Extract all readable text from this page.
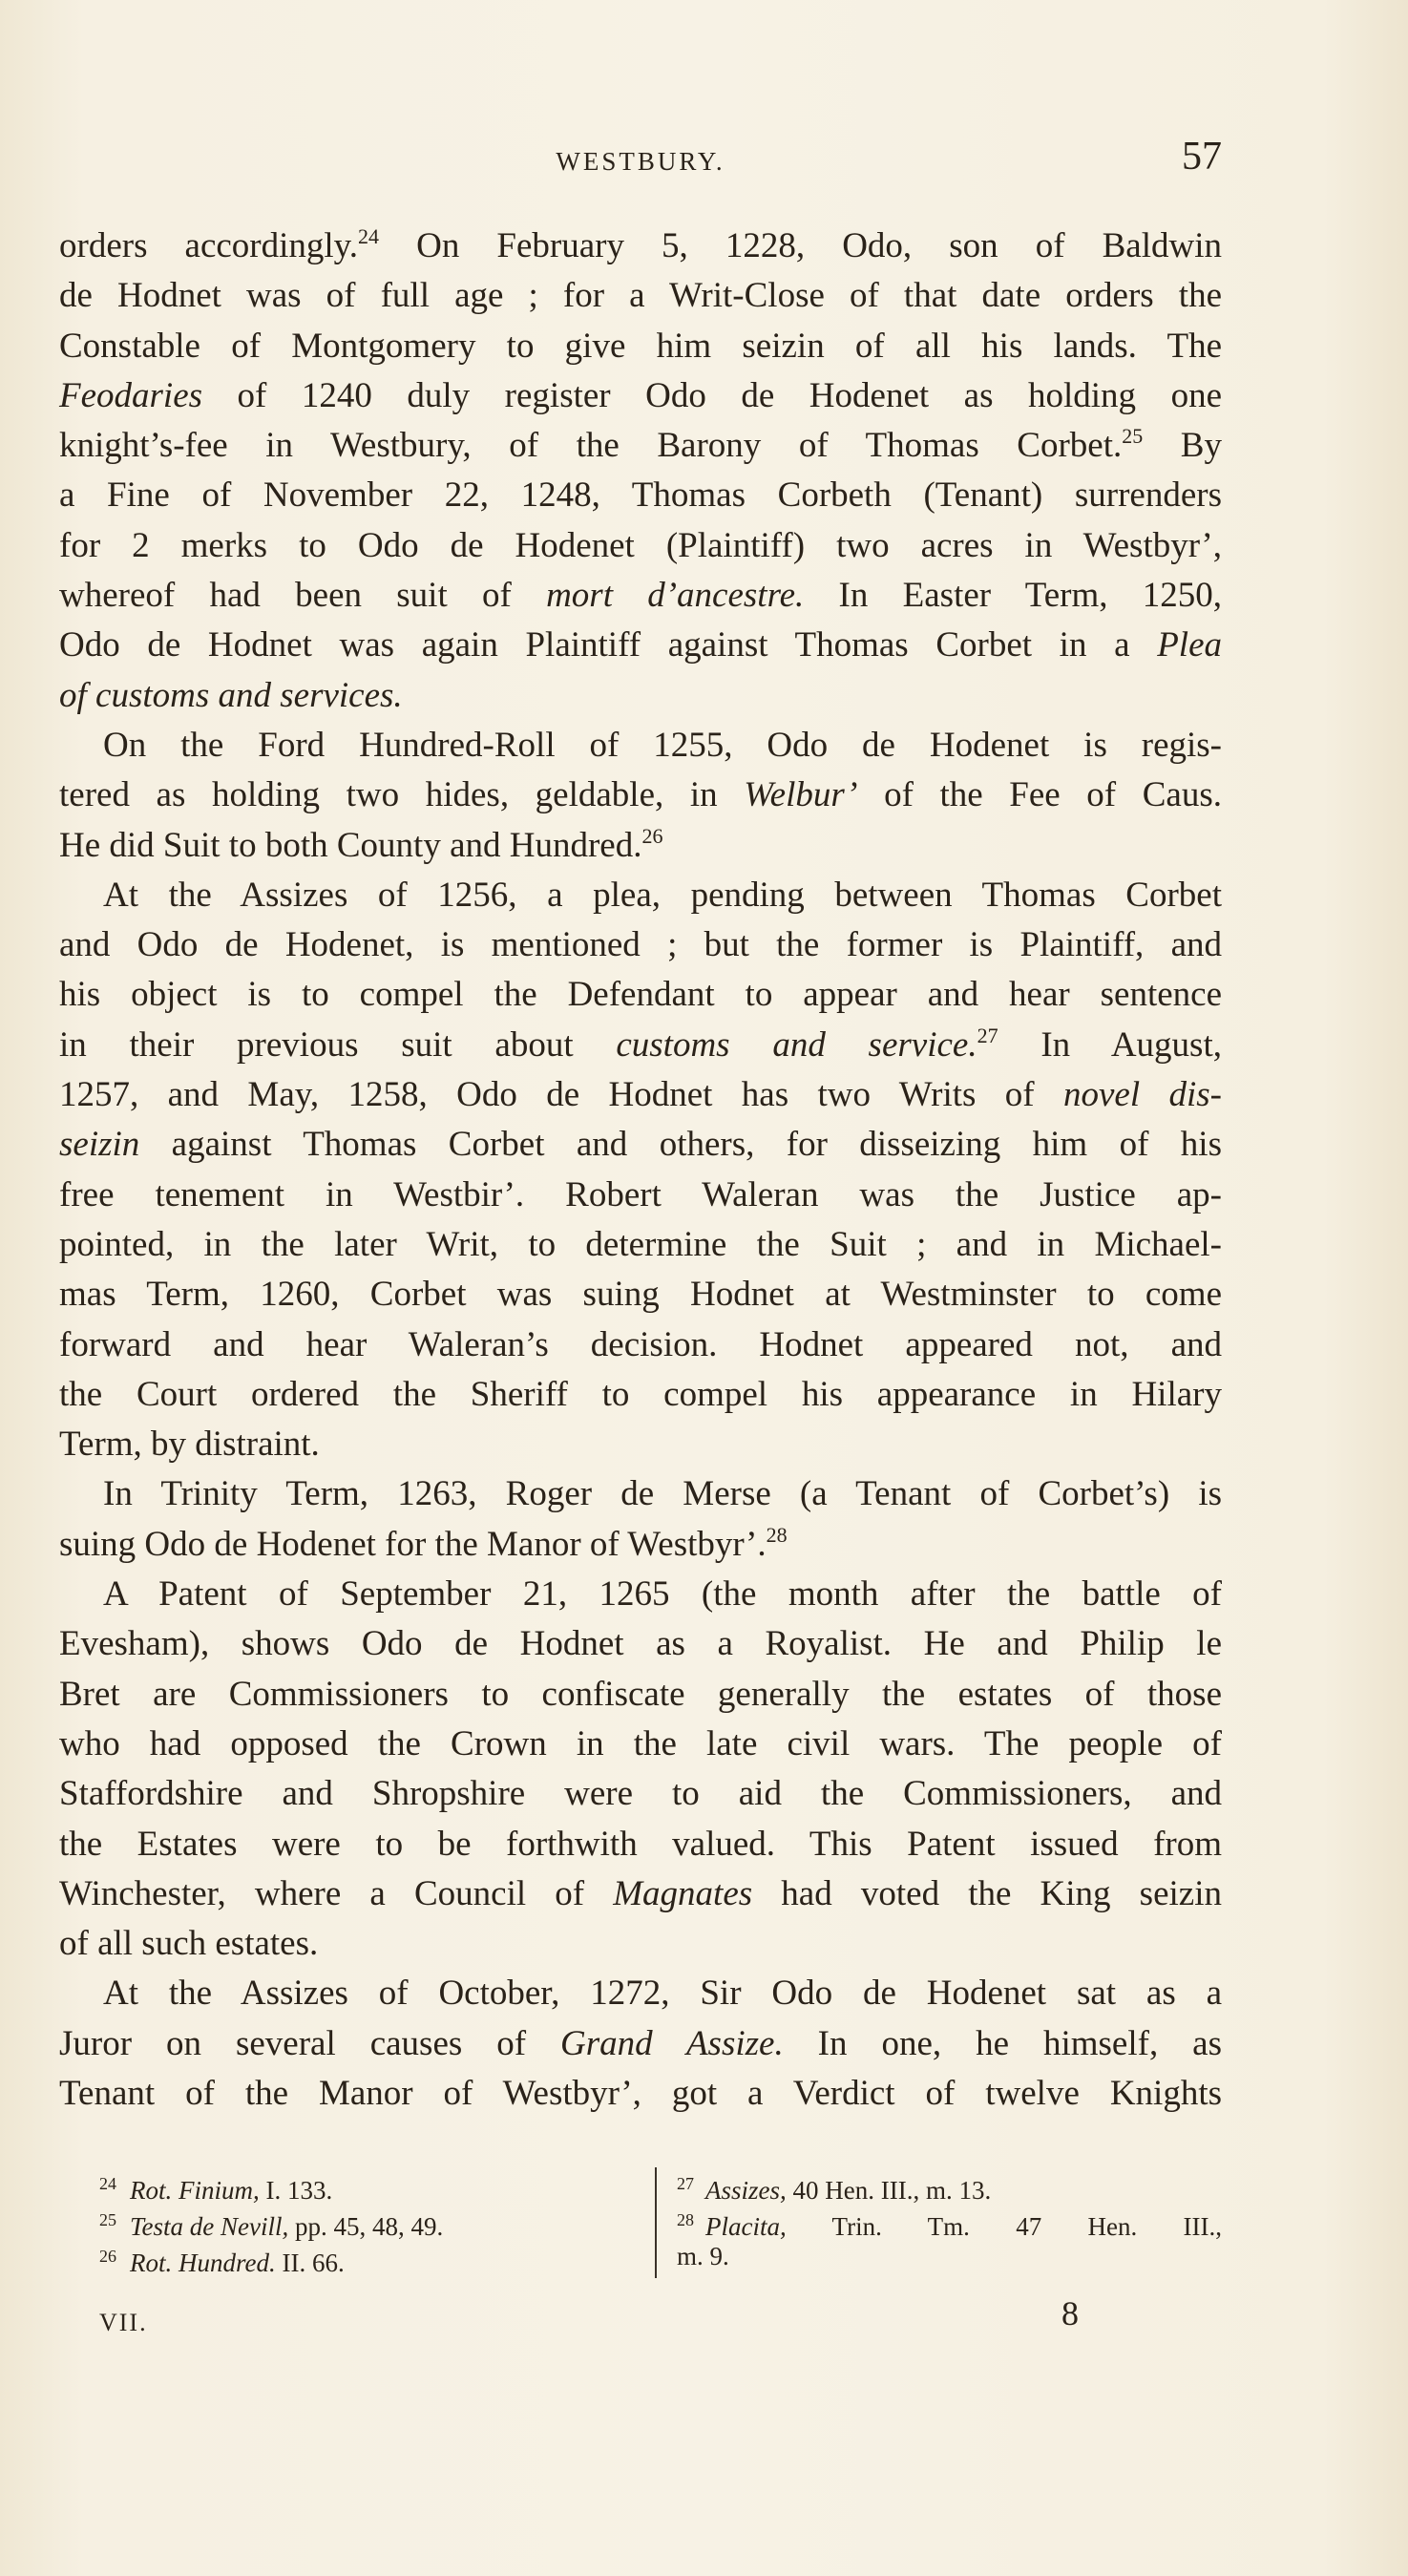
WESTBURY.	57
orders accordingly.$^{24}$ On February 5, 1228, Odo, son of Baldwin
de Hodnet was of full age ; for a Writ-Close of that date orders the
Constable of Montgomery to give him seizin of all his lands. The
Feodaries of 1240 duly register Odo de Hodenet as holding one
knight’s-fee in Westbury, of the Barony of Thomas Corbet.$^{25}$ By
a Fine of November 22, 1248, Thomas Corbeth (Tenant) surrenders
for 2 merks to Odo de Hodenet (Plaintiff) two acres in Westbyr’,
whereof had been suit of mort d’ancestre. In Easter Term, 1250,
Odo de Hodnet was again Plaintiff against Thomas Corbet in a Plea
of customs and services.
On the Ford Hundred-Roll of 1255, Odo de Hodenet is regis-
tered as holding two hides, geldable, in Welbur’ of the Fee of Caus.
He did Suit to both County and Hundred.$^{26}$
At the Assizes of 1256, a plea, pending between Thomas Corbet
and Odo de Hodenet, is mentioned ; but the former is Plaintiff, and
his object is to compel the Defendant to appear and hear sentence
in their previous suit about customs and service.$^{27}$ In August,
1257, and May, 1258, Odo de Hodnet has two Writs of novel dis-
seizin against Thomas Corbet and others, for disseizing him of his
free tenement in Westbir’. Robert Waleran was the Justice ap-
pointed, in the later Writ, to determine the Suit ; and in Michael-
mas Term, 1260, Corbet was suing Hodnet at Westminster to come
forward and hear Waleran’s decision. Hodnet appeared not, and
the Court ordered the Sheriff to compel his appearance in Hilary
Term, by distraint.
In Trinity Term, 1263, Roger de Merse (a Tenant of Corbet’s) is
suing Odo de Hodenet for the Manor of Westbyr’.$^{28}$
A Patent of September 21, 1265 (the month after the battle of
Evesham), shows Odo de Hodnet as a Royalist. He and Philip le
Bret are Commissioners to confiscate generally the estates of those
who had opposed the Crown in the late civil wars. The people of
Staffordshire and Shropshire were to aid the Commissioners, and
the Estates were to be forthwith valued. This Patent issued from
Winchester, where a Council of Magnates had voted the King seizin
of all such estates.
At the Assizes of October, 1272, Sir Odo de Hodenet sat as a
Juror on several causes of Grand Assize. In one, he himself, as
Tenant of the Manor of Westbyr’, got a Verdict of twelve Knights
$^{24}$ Rot. Finium, I. 133.
$^{25}$ Testa de Nevill, pp. 45, 48, 49.
$^{26}$ Rot. Hundred. II. 66.
$^{27}$ Assizes, 40 Hen. III., m. 13.
$^{28}$ Placita, Trin. Tm. 47 Hen. III.,
m. 9.
VII.	8
